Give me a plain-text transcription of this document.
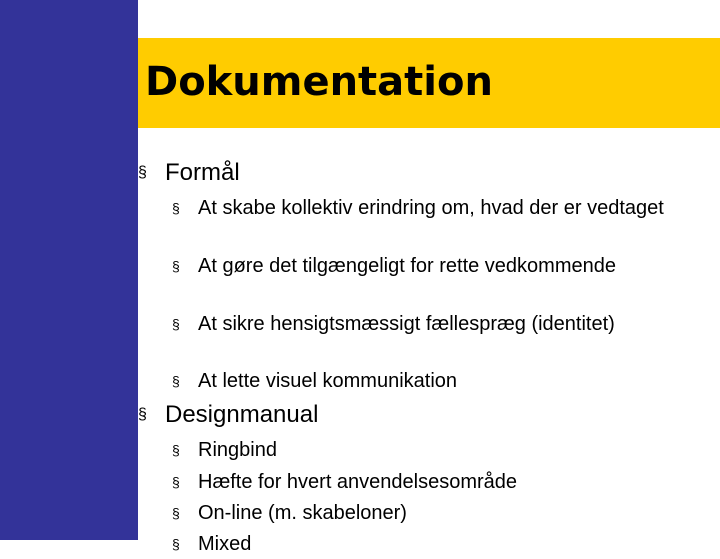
Dokumentation
§ Formål
§ At skabe kollektiv erindring om, hvad der er vedtaget
§ At gøre det tilgængeligt for rette vedkommende
§ At sikre hensigtsmæssigt fællespræg (identitet)
§ At lette visuel kommunikation
§ Designmanual
§ Ringbind
§ Hæfte for hvert anvendelsesområde
§ On-line (m. skabeloner)
§ Mixed
